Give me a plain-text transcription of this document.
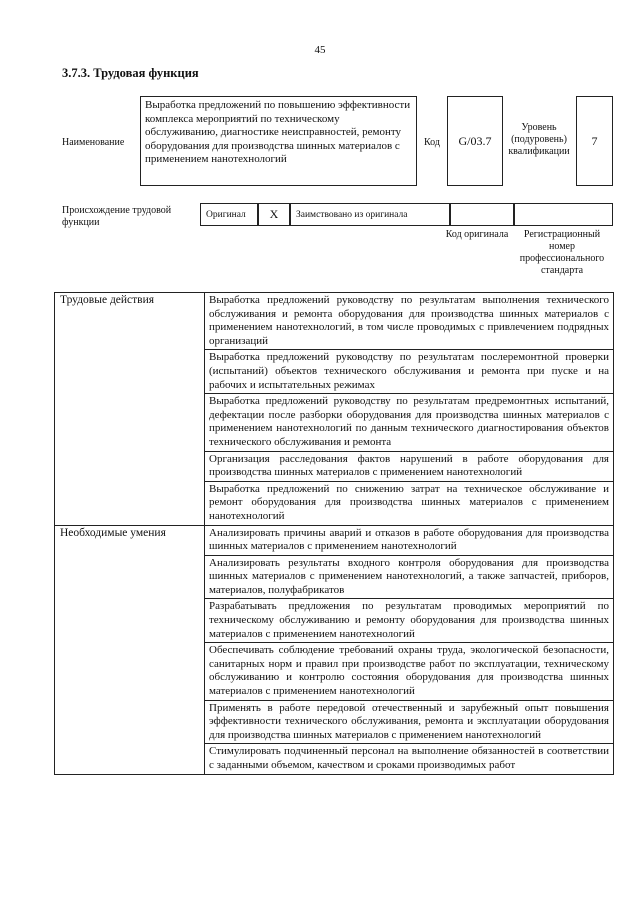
45
3.7.3. Трудовая функция
Наименование
Выработка предложений по повышению эффективности комплекса мероприятий по техническому обслуживанию, диагностике неисправностей, ремонту оборудования для производства шинных материалов с применением нанотехнологий
Код	G/03.7
Уровень (подуровень) квалификации
7
Происхождение трудовой функции
Оригинал	X	Заимствовано из оригинала
Код оригинала	Регистрационный номер профессионального стандарта
Трудовые действия	Выработка предложений руководству по результатам выполнения технического обслуживания и ремонта оборудования для производства шинных материалов с применением нанотехнологий, в том числе проводимых с привлечением подрядных организаций
	Выработка предложений руководству по результатам послеремонтной проверки (испытаний) объектов технического обслуживания и ремонта при пуске и на рабочих и испытательных режимах
	Выработка предложений руководству по результатам предремонтных испытаний, дефектации после разборки оборудования для производства шинных материалов с применением нанотехнологий по данным технического диагностирования объектов технического обслуживания и ремонта
	Организация расследования фактов нарушений в работе оборудования для производства шинных материалов с применением нанотехнологий
	Выработка предложений по снижению затрат на техническое обслуживание и ремонт оборудования для производства шинных материалов с применением нанотехнологий
Необходимые умения	Анализировать причины аварий и отказов в работе оборудования для производства шинных материалов с применением нанотехнологий
	Анализировать результаты входного контроля оборудования для производства шинных материалов с применением нанотехнологий, а также запчастей, приборов, материалов, полуфабрикатов
	Разрабатывать предложения по результатам проводимых мероприятий по техническому обслуживанию и ремонту оборудования для производства шинных материалов с применением нанотехнологий
	Обеспечивать соблюдение требований охраны труда, экологической безопасности, санитарных норм и правил при производстве работ по эксплуатации, техническому обслуживанию и контролю состояния оборудования для производства шинных материалов с применением нанотехнологий
	Применять в работе передовой отечественный и зарубежный опыт повышения эффективности технического обслуживания, ремонта и эксплуатации оборудования для производства шинных материалов с применением нанотехнологий
	Стимулировать подчиненный персонал на выполнение обязанностей в соответствии с заданными объемом, качеством и сроками производимых работ
